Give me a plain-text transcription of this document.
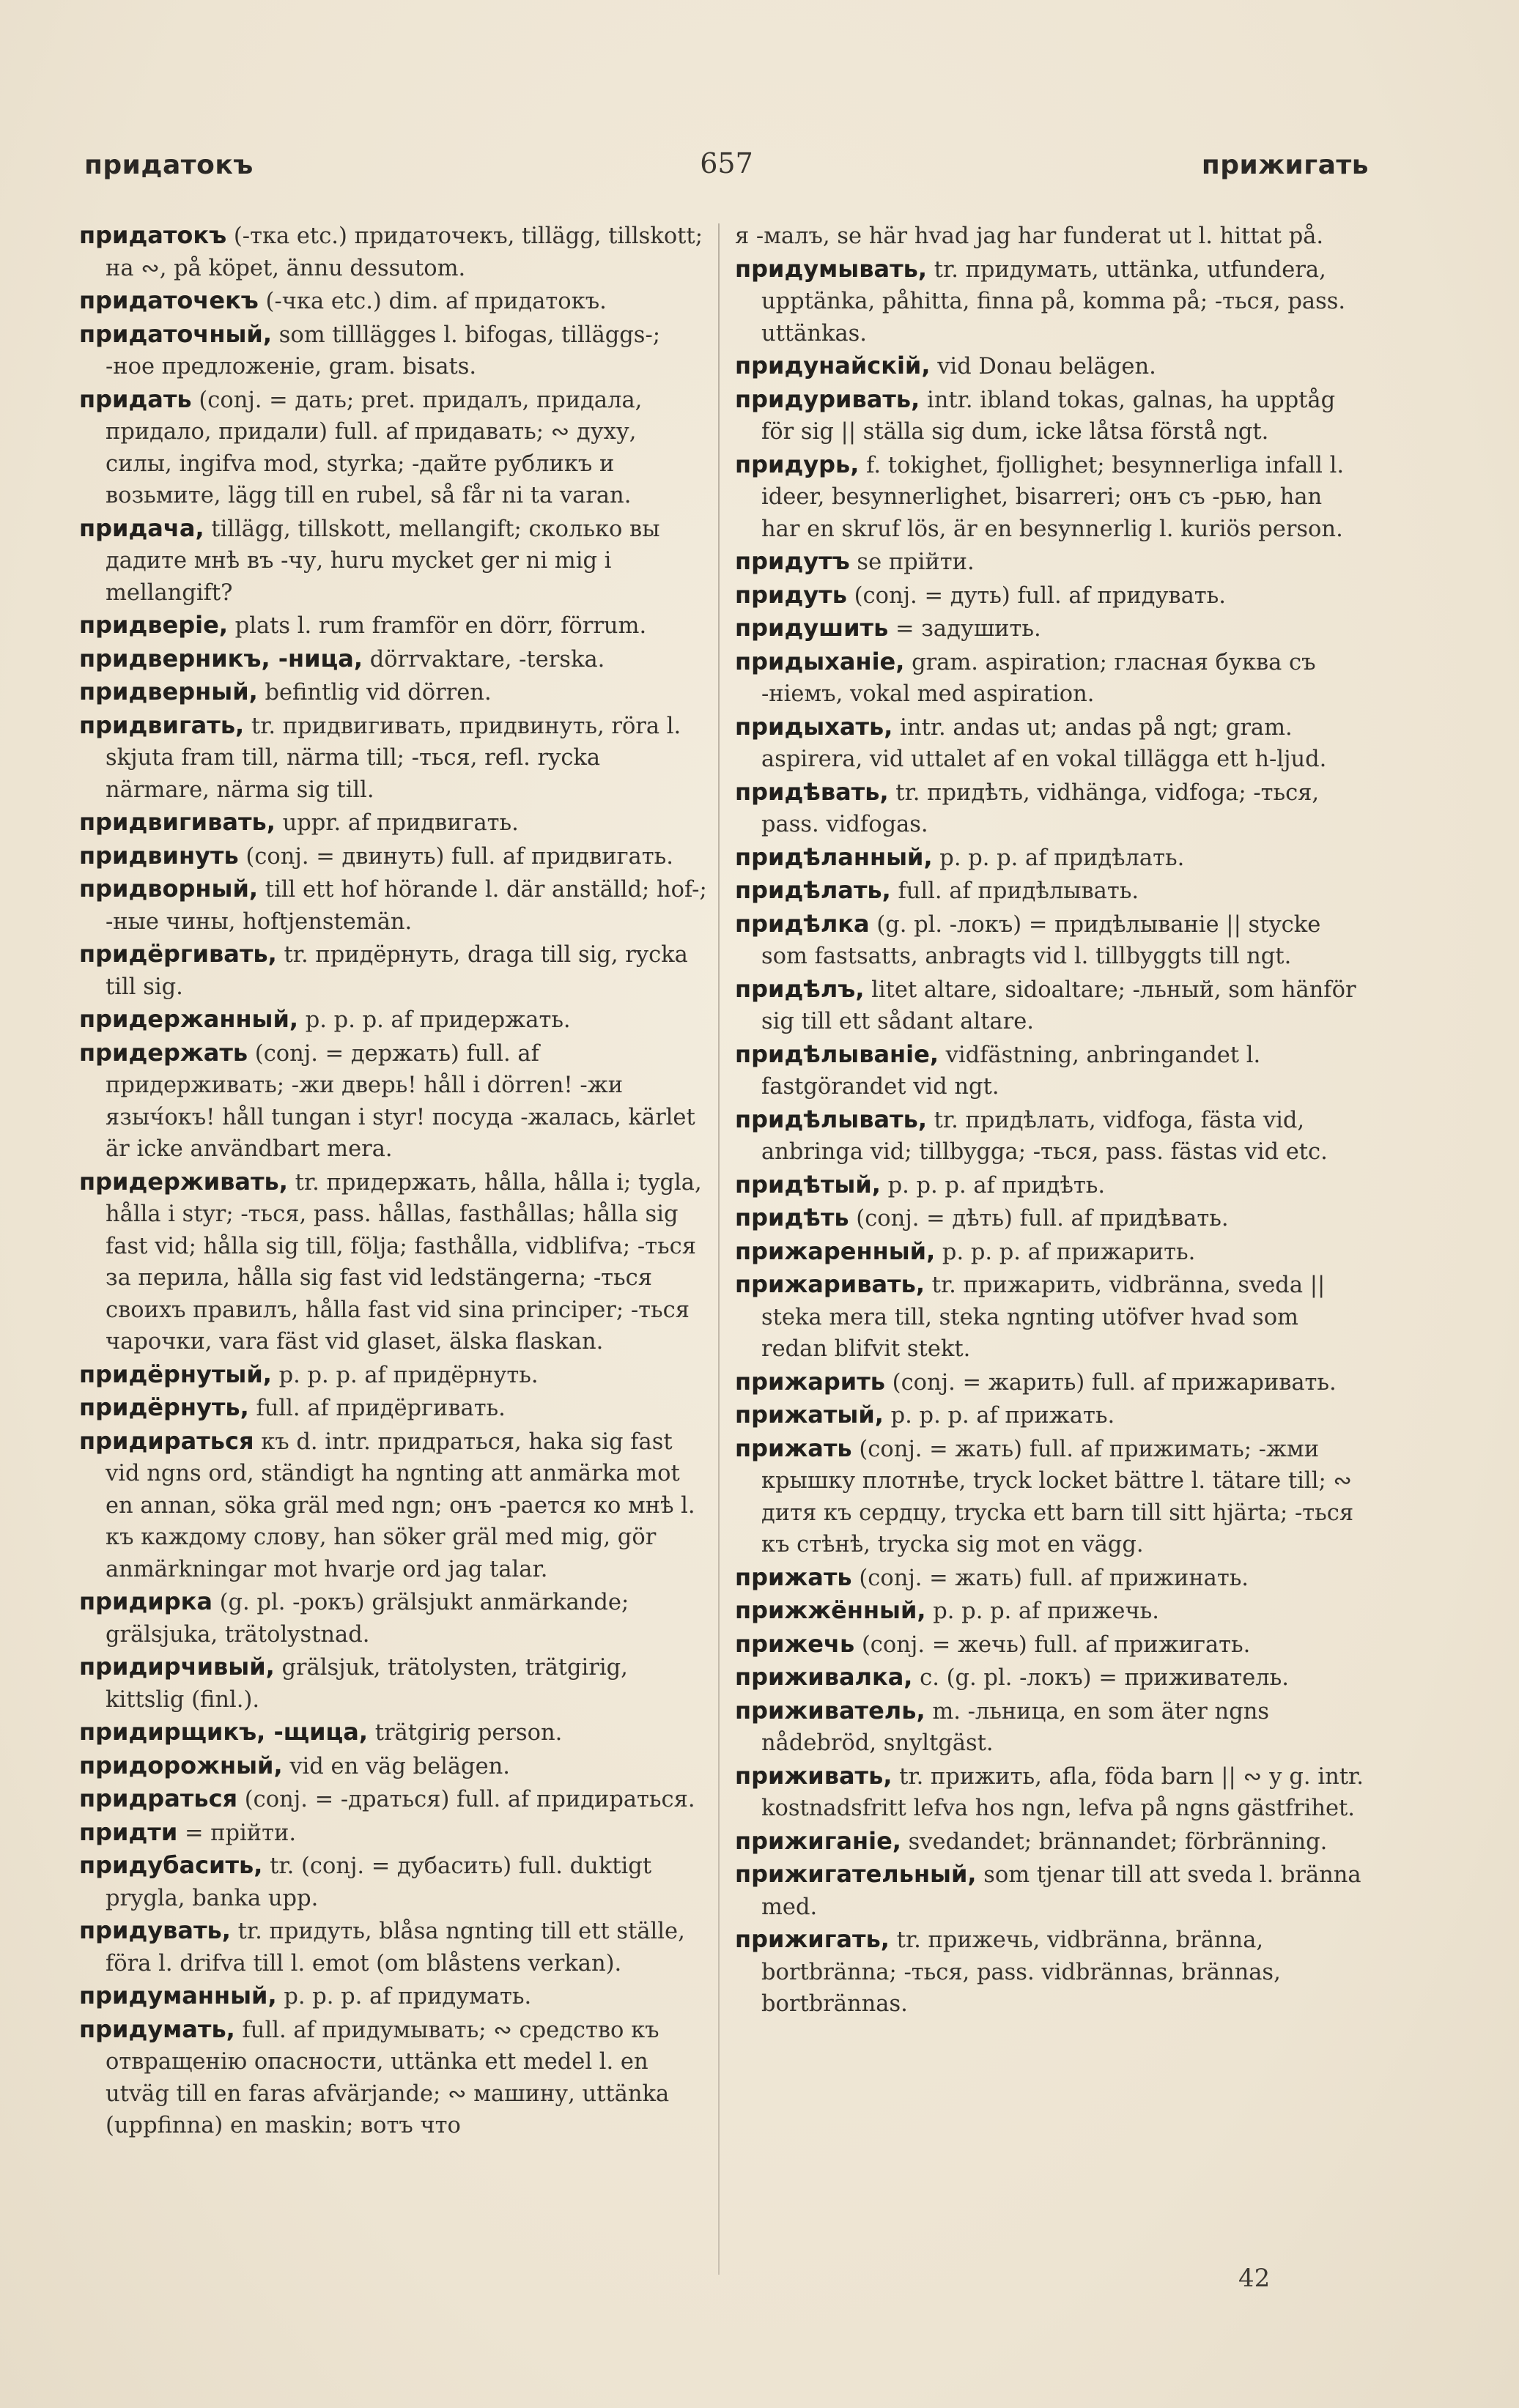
придатокъ	657	прижигать
придатокъ (-тка etc.) придаточекъ, tillägg, tillskott; на ∾, på köpet, ännu dessutom.
придаточекъ (-чка etc.) dim. af придатокъ.
придаточный, som tilllägges l. bifogas, tilläggs-; -ное предложеніе, gram. bisats.
придать (conj. = дать; pret. придалъ, придала, придало, придали) full. af придавать; ∾ духу, силы, ingifva mod, styrka; -дайте рубликъ и возьмите, lägg till en rubel, så får ni ta varan.
придача, tillägg, tillskott, mellangift; сколько вы дадите мнѣ въ -чу, huru mycket ger ni mig i mellangift?
придверіе, plats l. rum framför en dörr, förrum.
придверникъ, -ница, dörrvaktare, -terska.
придверный, befintlig vid dörren.
придвигать, tr. придвигивать, придвинуть, röra l. skjuta fram till, närma till; -ться, refl. rycka närmare, närma sig till.
придвигивать, uppr. af придвигать.
придвинуть (conj. = двинуть) full. af придвигать.
придворный, till ett hof hörande l. där anställd; hof-; -ные чины, hoftjenstemän.
придёргивать, tr. придёрнуть, draga till sig, rycka till sig.
придержанный, p. p. p. af придержать.
придержать (conj. = держать) full. af придерживать; -жи дверь! håll i dörren! -жи языч́окъ! håll tungan i styr! посуда -жалась, kärlet är icke användbart mera.
придерживать, tr. придержать, hålla, hålla i; tygla, hålla i styr; -ться, pass. hållas, fasthållas; hålla sig fast vid; hålla sig till, följa; fasthålla, vidblifva; -ться за перила, hålla sig fast vid ledstängerna; -ться своихъ правилъ, hålla fast vid sina principer; -ться чарочки, vara fäst vid glaset, älska flaskan.
придёрнутый, p. p. p. af придёрнуть.
придёрнуть, full. af придёргивать.
придираться къ d. intr. придраться, haka sig fast vid ngns ord, ständigt ha ngnting att anmärka mot en annan, söka gräl med ngn; онъ -рается ко мнѣ l. къ каждому слову, han söker gräl med mig, gör anmärkningar mot hvarje ord jag talar.
придирка (g. pl. -рокъ) grälsjukt anmärkande; grälsjuka, trätolystnad.
придирчивый, grälsjuk, trätolysten, trätgirig, kittslig (finl.).
придирщикъ, -щица, trätgirig person.
придорожный, vid en väg belägen.
придраться (conj. = -драться) full. af придираться.
придти = прійти.
придубасить, tr. (conj. = дубасить) full. duktigt prygla, banka upp.
придувать, tr. придуть, blåsa ngnting till ett ställe, föra l. drifva till l. emot (om blåstens verkan).
придуманный, p. p. p. af придумать.
придумать, full. af придумывать; ∾ средство къ отвращенію опасности, uttänka ett medel l. en utväg till en faras afvärjande; ∾ машину, uttänka (uppfinna) en maskin; вотъ что
я -малъ, se här hvad jag har funderat ut l. hittat på.
придумывать, tr. придумать, uttänka, utfundera, upptänka, påhitta, finna på, komma på; -ться, pass. uttänkas.
придунайскій, vid Donau belägen.
придуривать, intr. ibland tokas, galnas, ha upptåg för sig || ställa sig dum, icke låtsa förstå ngt.
придурь, f. tokighet, fjollighet; besynnerliga infall l. ideer, besynnerlighet, bisarreri; онъ съ -рью, han har en skruf lös, är en besynnerlig l. kuriös person.
придутъ se прійти.
придуть (conj. = дуть) full. af придувать.
придушить = задушить.
придыханіе, gram. aspiration; гласная буква съ -ніемъ, vokal med aspiration.
придыхать, intr. andas ut; andas på ngt; gram. aspirera, vid uttalet af en vokal tillägga ett h-ljud.
придѣвать, tr. придѣть, vidhänga, vidfoga; -ться, pass. vidfogas.
придѣланный, p. p. p. af придѣлать.
придѣлать, full. af придѣлывать.
придѣлка (g. pl. -локъ) = придѣлываніе || stycke som fastsatts, anbragts vid l. tillbyggts till ngt.
придѣлъ, litet altare, sidoaltare; -льный, som hänför sig till ett sådant altare.
придѣлываніе, vidfästning, anbringandet l. fastgörandet vid ngt.
придѣлывать, tr. придѣлать, vidfoga, fästa vid, anbringa vid; tillbygga; -ться, pass. fästas vid etc.
придѣтый, p. p. p. af придѣть.
придѣть (conj. = дѣть) full. af придѣвать.
прижаренный, p. p. p. af прижарить.
прижаривать, tr. прижарить, vidbränna, sveda || steka mera till, steka ngnting utöfver hvad som redan blifvit stekt.
прижарить (conj. = жарить) full. af прижаривать.
прижатый, p. p. p. af прижать.
прижать (conj. = жать) full. af прижимать; -жми крышку плотнѣе, tryck locket bättre l. tätare till; ∾ дитя къ сердцу, trycka ett barn till sitt hjärta; -ться къ стѣнѣ, trycka sig mot en vägg.
прижать (conj. = жать) full. af прижинать.
прижжённый, p. p. p. af прижечь.
прижечь (conj. = жечь) full. af прижигать.
приживалка, c. (g. pl. -локъ) = приживатель.
приживатель, m. -льница, en som äter ngns nådebröd, snyltgäst.
приживать, tr. прижить, afla, föda barn || ∾ у g. intr. kostnadsfritt lefva hos ngn, lefva på ngns gästfrihet.
прижиганіе, svedandet; brännandet; förbränning.
прижигательный, som tjenar till att sveda l. bränna med.
прижигать, tr. прижечь, vidbränna, bränna, bortbränna; -ться, pass. vidbrännas, brännas, bortbrännas.
42
